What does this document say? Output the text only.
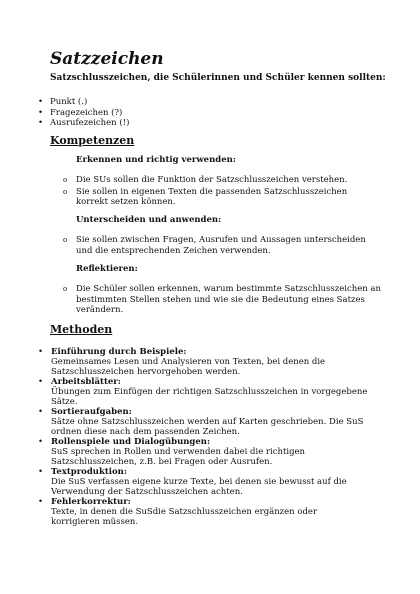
Satzzeichen

Satzschlusszeichen, die Schülerinnen und Schüler kennen sollten:

• Punkt (.)
• Fragezeichen (?)
• Ausrufezeichen (!)
Kompetenzen

Erkennen und richtig verwenden:

o Die SUs sollen die Funktion der Satzschlusszeichen verstehen.
o Sie sollen in eigenen Texten die passenden Satzschlusszeichen korrekt setzen können.

Unterscheiden und anwenden:

o Sie sollen zwischen Fragen, Ausrufen und Aussagen unterscheiden und die entsprechenden Zeichen verwenden.

Reflektieren:

o Die Schüler sollen erkennen, warum bestimmte Satzschlusszeichen an bestimmten Stellen stehen und wie sie die Bedeutung eines Satzes verändern.
Methoden
• Einführung durch Beispiele:
Gemeinsames Lesen und Analysieren von Texten, bei denen die Satzschlusszeichen hervorgehoben werden.
• Arbeitsblätter:
Übungen zum Einfügen der richtigen Satzschlusszeichen in vorgegebene Sätze.
• Sortieraufgaben:
Sätze ohne Satzschlusszeichen werden auf Karten geschrieben. Die SuS ordnen diese nach dem passenden Zeichen.
• Rollenspiele und Dialogübungen:
SuS sprechen in Rollen und verwenden dabei die richtigen Satzschlusszeichen, z.B. bei Fragen oder Ausrufen.
• Textproduktion:
Die SuS verfassen eigene kurze Texte, bei denen sie bewusst auf die Verwendung der Satzschlusszeichen achten.
• Fehlerkorrektur:
Texte, in denen die SuSdie Satzschlusszeichen ergänzen oder korrigieren müssen.
